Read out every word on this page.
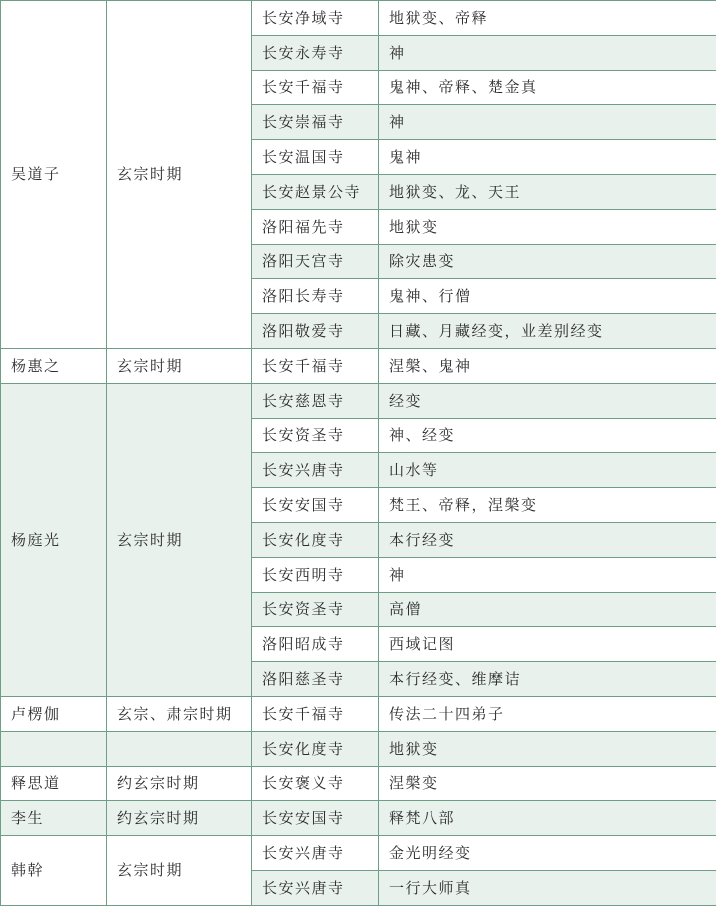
吴道子	玄宗时期	长安净域寺	地狱变、帝释
		长安永寿寺	神
		长安千福寺	鬼神、帝释、楚金真
		长安崇福寺	神
		长安温国寺	鬼神
		长安赵景公寺	地狱变、龙、天王
		洛阳福先寺	地狱变
		洛阳天宫寺	除灾患变
		洛阳长寿寺	鬼神、行僧
		洛阳敬爱寺	日藏、月藏经变，业差别经变
杨惠之	玄宗时期	长安千福寺	涅槃、鬼神
杨庭光	玄宗时期	长安慈恩寺	经变
		长安资圣寺	神、经变
		长安兴唐寺	山水等
		长安安国寺	梵王、帝释，涅槃变
		长安化度寺	本行经变
		长安西明寺	神
		长安资圣寺	高僧
		洛阳昭成寺	西域记图
		洛阳慈圣寺	本行经变、维摩诘
卢楞伽	玄宗、肃宗时期	长安千福寺	传法二十四弟子
		长安化度寺	地狱变
释思道	约玄宗时期	长安褒义寺	涅槃变
李生	约玄宗时期	长安安国寺	释梵八部
韩幹	玄宗时期	长安兴唐寺	金光明经变
		长安兴唐寺	一行大师真
